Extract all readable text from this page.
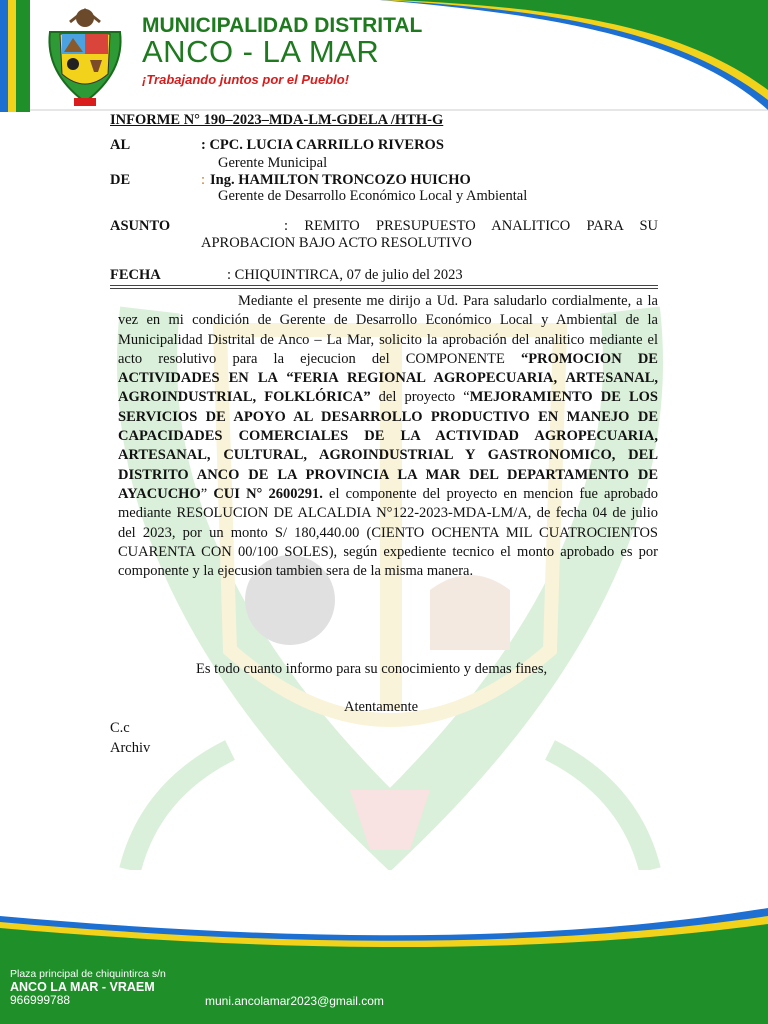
MUNICIPALIDAD DISTRITAL
ANCO - LA MAR
¡Trabajando juntos por el Pueblo!
INFORME N° 190–2023–MDA-LM-GDELA /HTH-G
AL	: CPC. LUCIA CARRILLO RIVEROS
Gerente Municipal
DE	: Ing. HAMILTON TRONCOZO HUICHO
Gerente de Desarrollo Económico Local y Ambiental
ASUNTO	: REMITO PRESUPUESTO ANALITICO PARA SU
APROBACION BAJO ACTO RESOLUTIVO
FECHA	: CHIQUINTIRCA, 07 de julio del 2023

Mediante el presente me dirijo a Ud. Para saludarlo cordialmente, a la vez en mi condición de Gerente de Desarrollo Económico Local y Ambiental de la Municipalidad Distrital de Anco – La Mar, solicito la aprobación del analitico mediante el acto resolutivo para la ejecucion del COMPONENTE “PROMOCION DE ACTIVIDADES EN LA “FERIA REGIONAL AGROPECUARIA, ARTESANAL, AGROINDUSTRIAL, FOLKLÓRICA” del proyecto “MEJORAMIENTO DE LOS SERVICIOS DE APOYO AL DESARROLLO PRODUCTIVO EN MANEJO DE CAPACIDADES COMERCIALES DE LA ACTIVIDAD AGROPECUARIA, ARTESANAL, CULTURAL, AGROINDUSTRIAL Y GASTRONOMICO, DEL DISTRITO ANCO DE LA PROVINCIA LA MAR DEL DEPARTAMENTO DE AYACUCHO” CUI N° 2600291. el componente del proyecto en mencion fue aprobado mediante RESOLUCION DE ALCALDIA N°122-2023-MDA-LM/A, de fecha 04 de julio del 2023, por un monto S/ 180,440.00 (CIENTO OCHENTA MIL CUATROCIENTOS CUARENTA CON 00/100 SOLES), según expediente tecnico el monto aprobado es por componente y la ejecusion tambien sera de la misma manera.

Es todo cuanto informo para su conocimiento y demas fines,
Atentamente
C.c
Archiv
Plaza principal de chiquintirca s/n
ANCO LA MAR - VRAEM
966999788	muni.ancolamar2023@gmail.com
